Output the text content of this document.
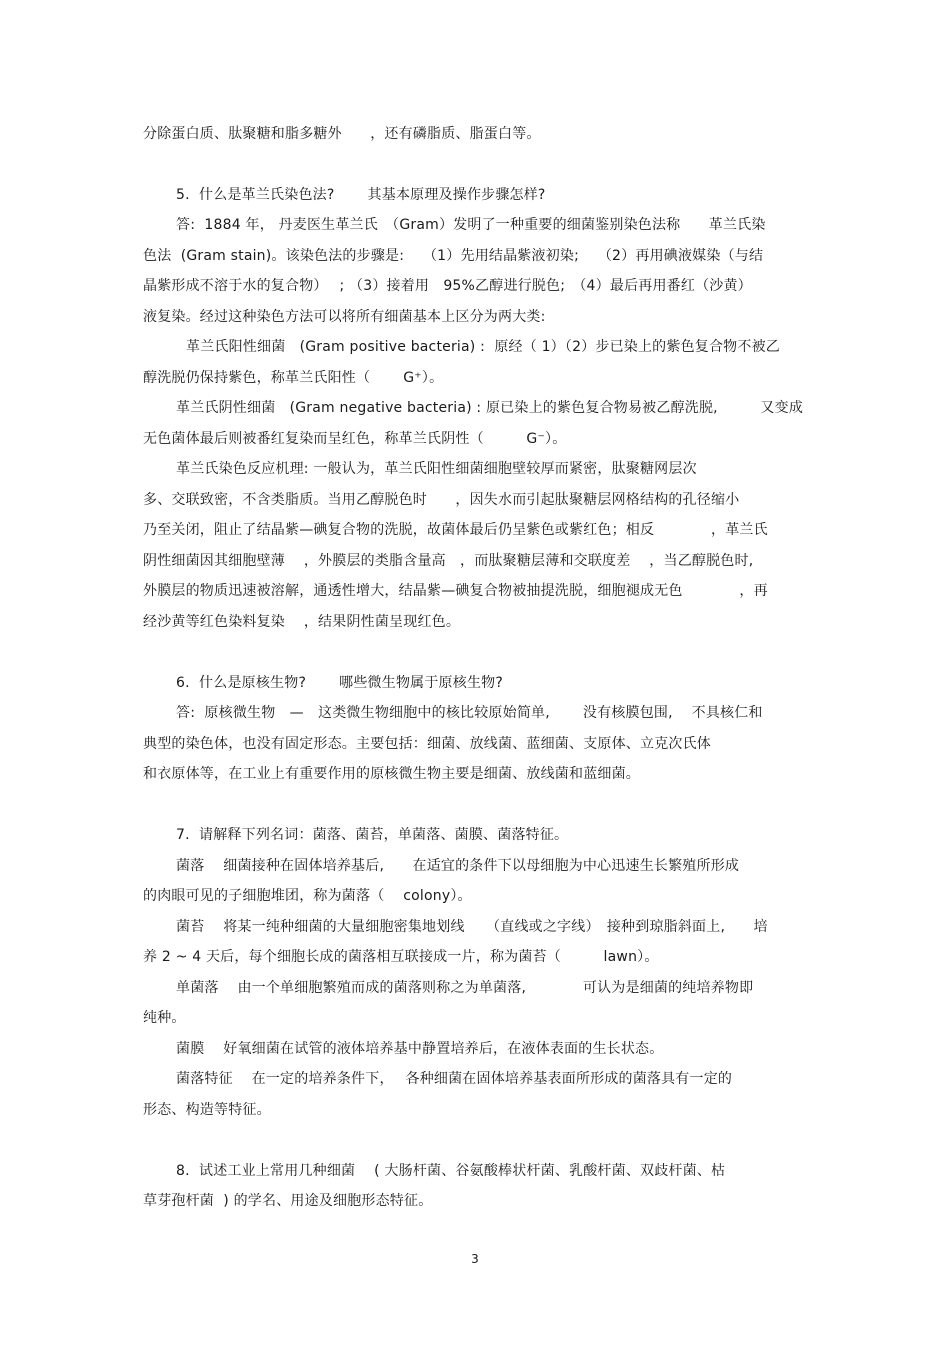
分除蛋白质、肽聚糖和脂多糖外　　，还有磷脂质、脂蛋白等。
5.  什么是革兰氏染色法?　　 其基本原理及操作步骤怎样?
答:  1884 年， 丹麦医生革兰氏　（Gram）发明了一种重要的细菌鉴别染色法称　　革兰氏染
色法  (Gram stain)。该染色法的步骤是:　 （1）先用结晶紫液初染;　 （2）再用碘液媒染（与结
晶紫形成不溶于水的复合物）　 ; （3）接着用　95%乙醇进行脱色;　（4）最后再用番红（沙黄）
液复染。经过这种染色方法可以将所有细菌基本上区分为两大类:
革兰氏阳性细菌　(Gram positive bacteria) :  原经（ 1）（2）步已染上的紫色复合物不被乙
醇洗脱仍保持紫色，称革兰氏阳性（　　 G⁺）。
革兰氏阴性细菌　(Gram negative bacteria) : 原已染上的紫色复合物易被乙醇洗脱,　　　又变成
无色菌体最后则被番红复染而呈红色，称革兰氏阴性（　　　G⁻）。
革兰氏染色反应机理: 一般认为，革兰氏阳性细菌细胞壁较厚而紧密，肽聚糖网层次
多、交联致密，不含类脂质。当用乙醇脱色时　　，因失水而引起肽聚糖层网格结构的孔径缩小
乃至关闭，阻止了结晶紫—碘复合物的洗脱，故菌体最后仍呈紫色或紫红色；相反　　　　，革兰氏
阴性细菌因其细胞壁薄　 ，外膜层的类脂含量高　，而肽聚糖层薄和交联度差　 ，当乙醇脱色时,
外膜层的物质迅速被溶解，通透性增大，结晶紫—碘复合物被抽提洗脱，细胞褪成无色　　　　，再
经沙黄等红色染料复染　 ，结果阴性菌呈现红色。
6.  什么是原核生物?　　 哪些微生物属于原核生物?
答:  原核微生物　—　这类微生物细胞中的核比较原始简单,　　 没有核膜包围,　 不具核仁和
典型的染色体，也没有固定形态。主要包括：细菌、放线菌、蓝细菌、支原体、立克次氏体
和衣原体等，在工业上有重要作用的原核微生物主要是细菌、放线菌和蓝细菌。
7.  请解释下列名词：菌落、菌苔，单菌落、菌膜、菌落特征。
菌落　 细菌接种在固体培养基后,　　在适宜的条件下以母细胞为中心迅速生长繁殖所形成
的肉眼可见的子细胞堆团，称为菌落（　 colony）。
菌苔　 将某一纯种细菌的大量细胞密集地划线　　（直线或之字线）　接种到琼脂斜面上,　　培
养 2 ~ 4 天后，每个细胞长成的菌落相互联接成一片，称为菌苔（　　　lawn）。
单菌落　 由一个单细胞繁殖而成的菌落则称之为单菌落,　　　　可认为是细菌的纯培养物即
纯种。
菌膜　 好氧细菌在试管的液体培养基中静置培养后，在液体表面的生长状态。
菌落特征　 在一定的培养条件下，　 各种细菌在固体培养基表面所形成的菌落具有一定的
形态、构造等特征。
8.  试述工业上常用几种细菌　 ( 大肠杆菌、谷氨酸棒状杆菌、乳酸杆菌、双歧杆菌、枯
草芽孢杆菌  ) 的学名、用途及细胞形态特征。
3
